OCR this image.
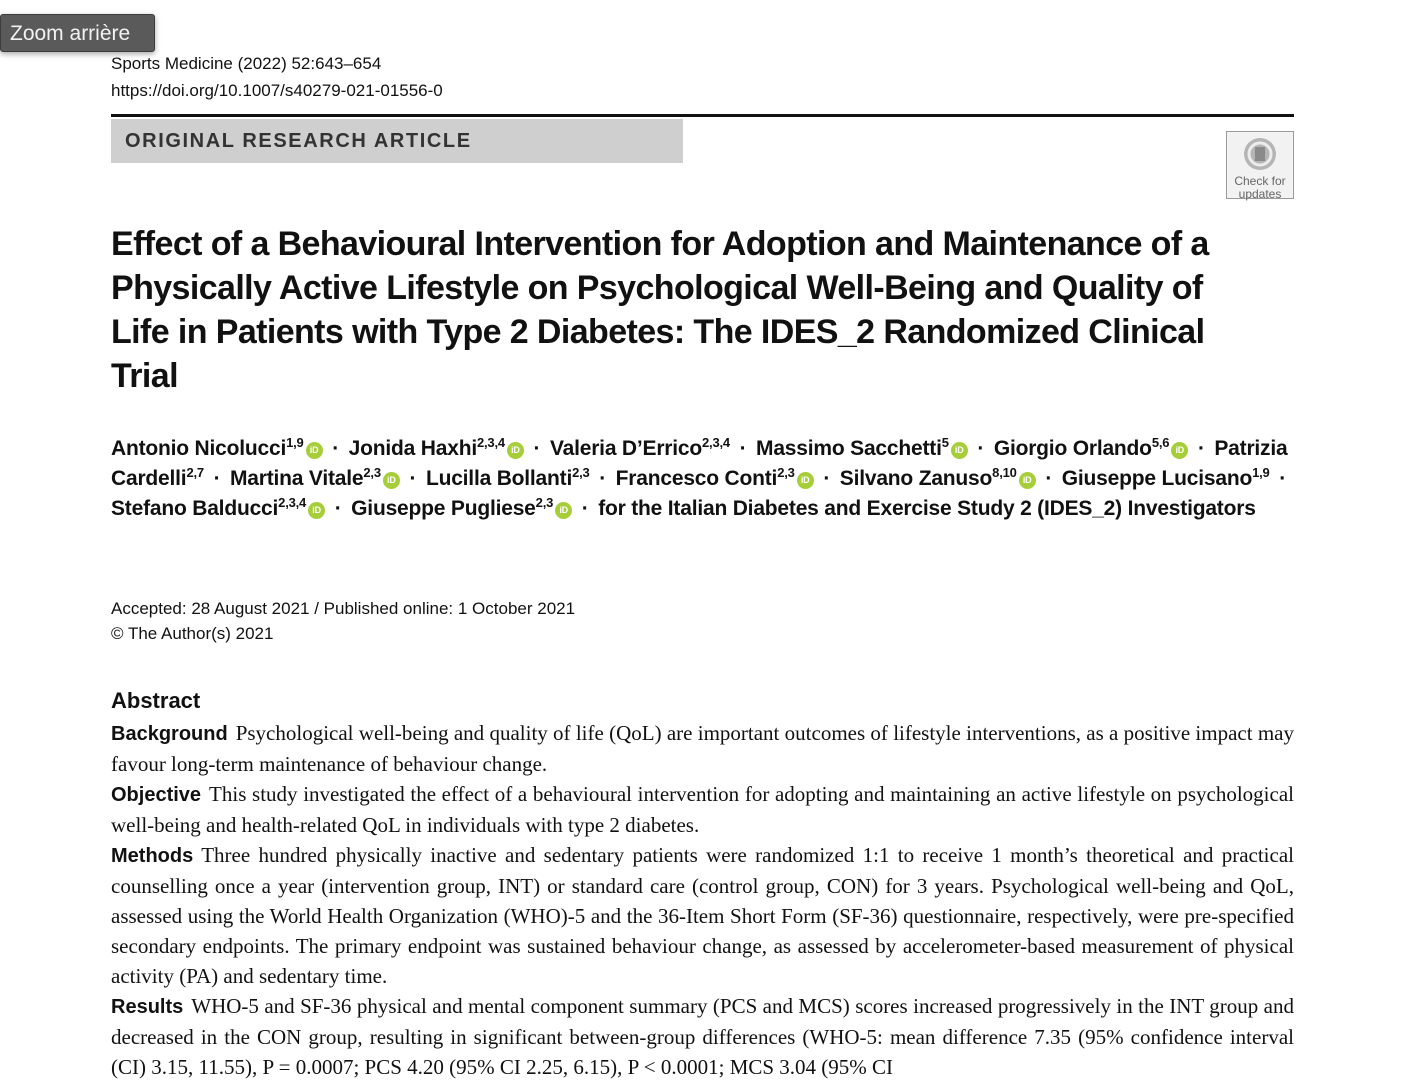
Zoom arrière
Sports Medicine (2022) 52:643–654
https://doi.org/10.1007/s40279-021-01556-0
ORIGINAL RESEARCH ARTICLE
Check for
updates
Effect of a Behavioural Intervention for Adoption and Maintenance of a Physically Active Lifestyle on Psychological Well-Being and Quality of Life in Patients with Type 2 Diabetes: The IDES_2 Randomized Clinical Trial
Antonio Nicolucci$^{1,9}$ iD · Jonida Haxhi$^{2,3,4}$ iD · Valeria D’Errico$^{2,3,4}$ · Massimo Sacchetti$^5$ iD · Giorgio Orlando$^{5,6}$ iD · Patrizia Cardelli$^{2,7}$ · Martina Vitale$^{2,3}$ iD · Lucilla Bollanti$^{2,3}$ · Francesco Conti$^{2,3}$ iD · Silvano Zanuso$^{8,10}$ iD · Giuseppe Lucisano$^{1,9}$ · Stefano Balducci$^{2,3,4}$ iD · Giuseppe Pugliese$^{2,3}$ iD · for the Italian Diabetes and Exercise Study 2 (IDES_2) Investigators
Accepted: 28 August 2021 / Published online: 1 October 2021
© The Author(s) 2021
Abstract

Background Psychological well-being and quality of life (QoL) are important outcomes of lifestyle interventions, as a positive impact may favour long-term maintenance of behaviour change.

Objective This study investigated the effect of a behavioural intervention for adopting and maintaining an active lifestyle on psychological well-being and health-related QoL in individuals with type 2 diabetes.

Methods Three hundred physically inactive and sedentary patients were randomized 1:1 to receive 1 month’s theoretical and practical counselling once a year (intervention group, INT) or standard care (control group, CON) for 3 years. Psychological well-being and QoL, assessed using the World Health Organization (WHO)-5 and the 36-Item Short Form (SF-36) questionnaire, respectively, were pre-specified secondary endpoints. The primary endpoint was sustained behaviour change, as assessed by accelerometer-based measurement of physical activity (PA) and sedentary time.

Results WHO-5 and SF-36 physical and mental component summary (PCS and MCS) scores increased progressively in the INT group and decreased in the CON group, resulting in significant between-group differences (WHO-5: mean difference 7.35 (95% confidence interval (CI) 3.15, 11.55), P = 0.0007; PCS 4.20 (95% CI 2.25, 6.15), P < 0.0001; MCS 3.04 (95% CI
